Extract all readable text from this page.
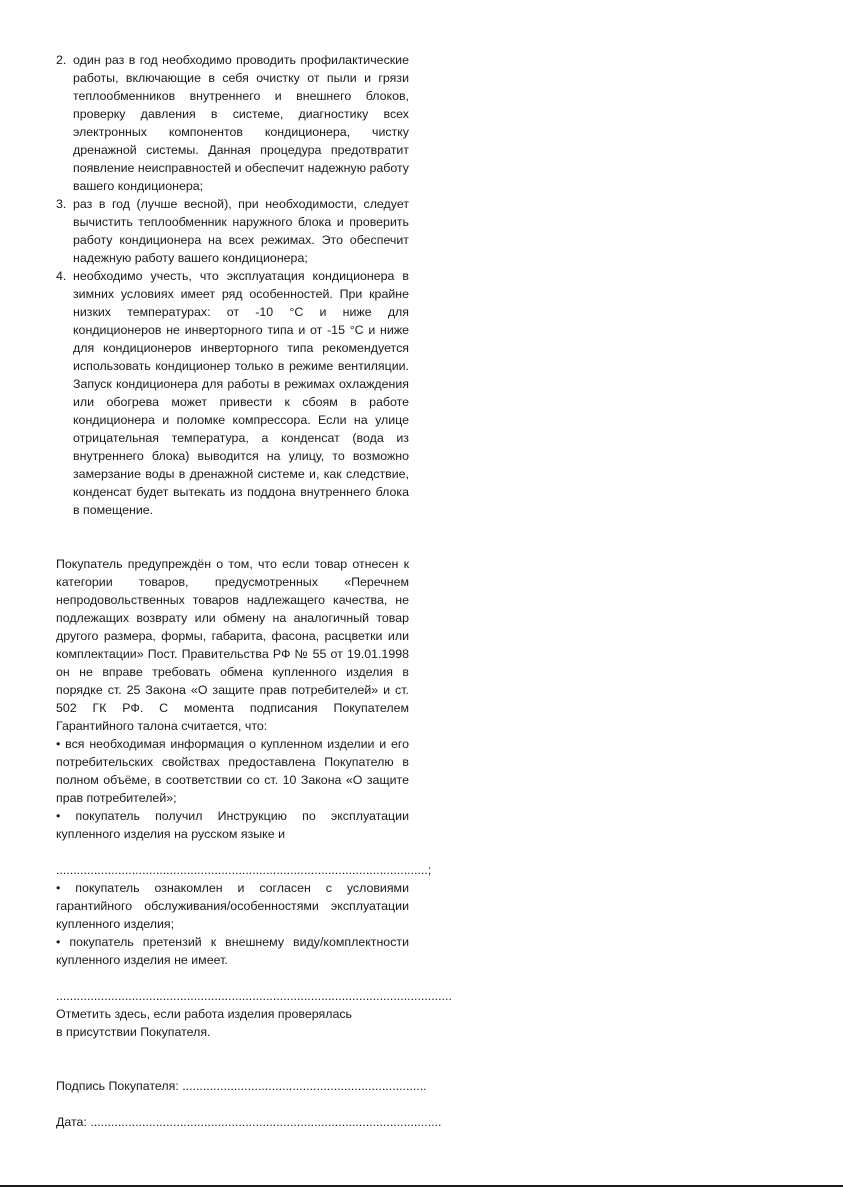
2. один раз в год необходимо проводить профилактические работы, включающие в себя очистку от пыли и грязи теплообменников внутреннего и внешнего блоков, проверку давления в системе, диагностику всех электронных компонентов кондиционера, чистку дренажной системы. Данная процедура предотвратит появление неисправностей и обеспечит надежную работу вашего кондиционера;
3. раз в год (лучше весной), при необходимости, следует вычистить теплообменник наружного блока и проверить работу кондиционера на всех режимах. Это обеспечит надежную работу вашего кондиционера;
4. необходимо учесть, что эксплуатация кондиционера в зимних условиях имеет ряд особенностей. При крайне низких температурах: от -10 °C и ниже для кондиционеров не инверторного типа и от -15 °C и ниже для кондиционеров инверторного типа рекомендуется использовать кондиционер только в режиме вентиляции. Запуск кондиционера для работы в режимах охлаждения или обогрева может привести к сбоям в работе кондиционера и поломке компрессора. Если на улице отрицательная температура, а конденсат (вода из внутреннего блока) выводится на улицу, то возможно замерзание воды в дренажной системе и, как следствие, конденсат будет вытекать из поддона внутреннего блока в помещение.

Покупатель предупреждён о том, что если товар отнесен к категории товаров, предусмотренных «Перечнем непродовольственных товаров надлежащего качества, не подлежащих возврату или обмену на аналогичный товар другого размера, формы, габарита, фасона, расцветки или комплектации» Пост. Правительства РФ № 55 от 19.01.1998 он не вправе требовать обмена купленного изделия в порядке ст. 25 Закона «О защите прав потребителей» и ст. 502 ГК РФ. С момента подписания Покупателем Гарантийного талона считается, что:

• вся необходимая информация о купленном изделии и его потребительских свойствах предоставлена Покупателю в полном объёме, в соответствии со ст. 10 Закона «О защите прав потребителей»;

• покупатель получил Инструкцию по эксплуатации купленного изделия на русском языке и

............................................................................................................;

• покупатель ознакомлен и согласен с условиями гарантийного обслуживания/особенностями эксплуатации купленного изделия;

• покупатель претензий к внешнему виду/комплектности купленного изделия не имеет.

...................................................................................................................

Отметить здесь, если работа изделия проверялась

в присутствии Покупателя.

Подпись Покупателя: .......................................................................
Дата: ......................................................................................................
